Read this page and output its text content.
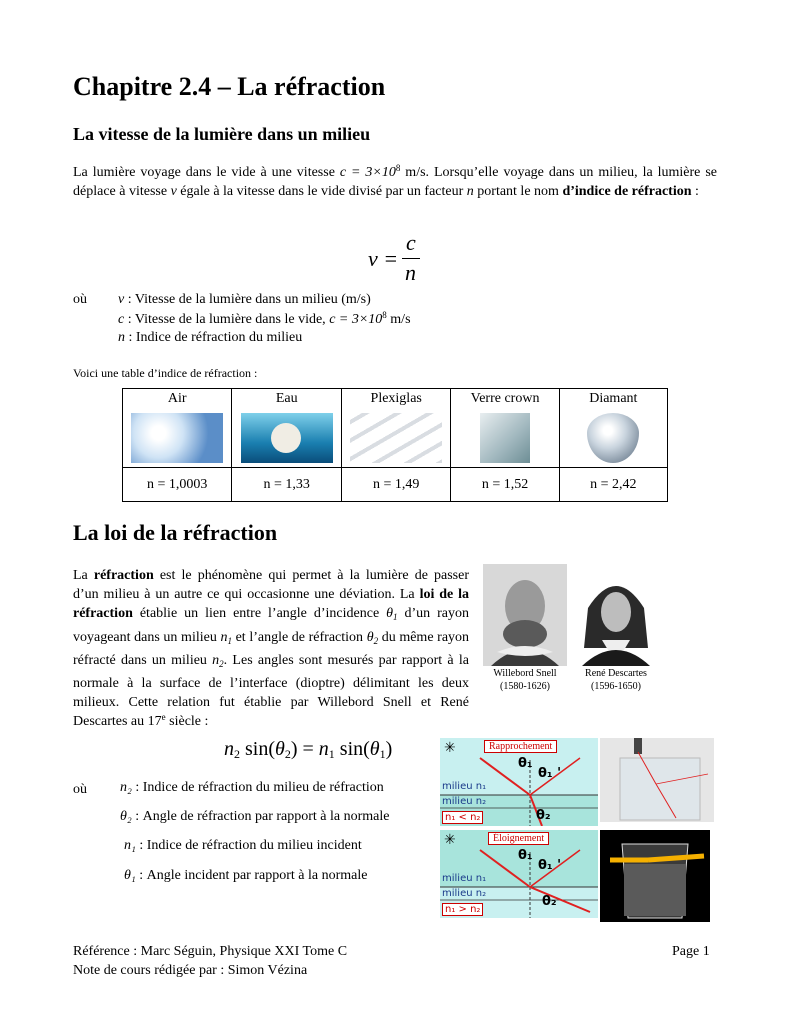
Chapitre 2.4 – La réfraction
La vitesse de la lumière dans un milieu
La lumière voyage dans le vide à une vitesse $c = 3\times 10^8$ m/s. Lorsqu’elle voyage dans un milieu, la lumière se déplace à vitesse v égale à la vitesse dans le vide divisé par un facteur n portant le nom d’indice de réfraction :
v =
c
n
où v : Vitesse de la lumière dans un milieu (m/s)
c : Vitesse de la lumière dans le vide, $c = 3\times 10^8$ m/s
n : Indice de réfraction du milieu
Voici une table d’indice de réfraction :
Air	Eau	Plexiglas	Verre crown	Diamant

n = 1,0003	n = 1,33	n = 1,49	n = 1,52	n = 2,42
La loi de la réfraction
La réfraction est le phénomène qui permet à la lumière de passer d’un milieu à un autre ce qui occasionne une déviation. La loi de la réfraction établie un lien entre l’angle d’incidence $\theta_1$ d’un rayon voyageant dans un milieu $n_1$ et l’angle de réfraction $\theta_2$ du même rayon réfracté dans un milieu $n_2$. Les angles sont mesurés par rapport à la normale à la surface de l’interface (dioptre) délimitant les deux milieux. Cette relation fut établie par Willebord Snell et René Descartes au 17e siècle :
Willebord Snell
(1580-1626)
René Descartes
(1596-1650)
$n_2$ $\sin(\theta_2) = n_1$ $\sin(\theta_1)$
où n₂ : Indice de réfraction du milieu de réfraction
θ₂ : Angle de réfraction par rapport à la normale
n₁ : Indice de réfraction du milieu incident
θ₁ : Angle incident par rapport à la normale
✳	Rapprochement
θ₁
θ₁ '
milieu n₁
milieu n₂
n₁ < n₂	θ₂
✳	Éloignement
θ₁
θ₁ '
milieu n₁
milieu n₂
n₁ > n₂
θ₂
Référence : Marc Séguin, Physique XXI Tome C
Note de cours rédigée par : Simon Vézina
Page 1
